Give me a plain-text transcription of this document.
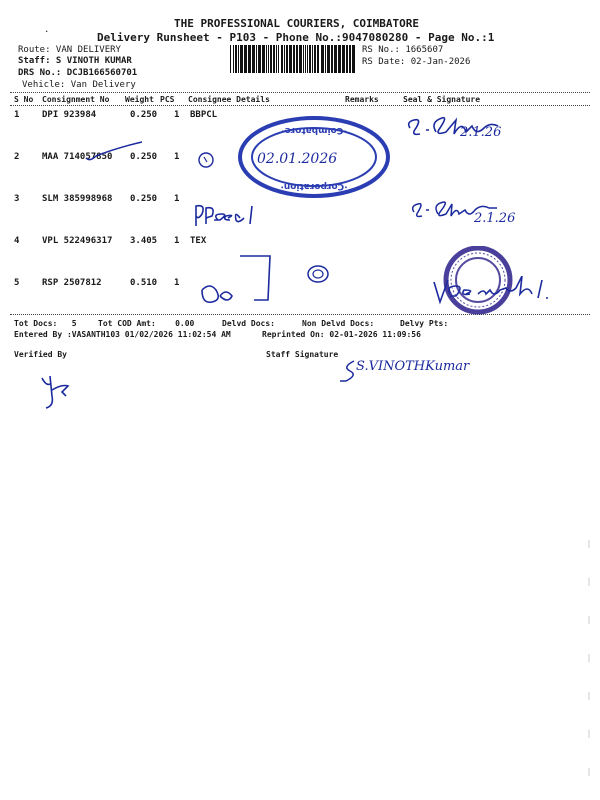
.	THE PROFESSIONAL COURIERS, COIMBATORE
Delivery Runsheet - P103 - Phone No.:9047080280 - Page No.:1
Route: VAN DELIVERY
Staff: S VINOTH KUMAR
DRS No.: DCJB166560701
Vehicle: Van Delivery
RS No.: 1665607
RS Date: 02-Jan-2026
S No Consignment No Weight PCS Consignee Details	Remarks	Seal & Signature
1	DPI 923984	0.250 1 BBPCL
2	MAA 714057850 0.250 1
3	SLM 385998968 0.250 1
4	VPL 522496317 3.405 1 TEX
5	RSP 2507812	0.510 1
Tot Docs:   5	Tot COD Amt:    0.00	Delvd Docs:	Non Delvd Docs:	Delvy Pts:
Entered By :VASANTH103 01/02/2026 11:02:54 AM	Reprinted On: 02-01-2026 11:09:56
Verified By	Staff Signature
2.1.26
·Coimbatore·
·Corporation·
02.01.2026
2.1.26
S.VINOTHKumar
